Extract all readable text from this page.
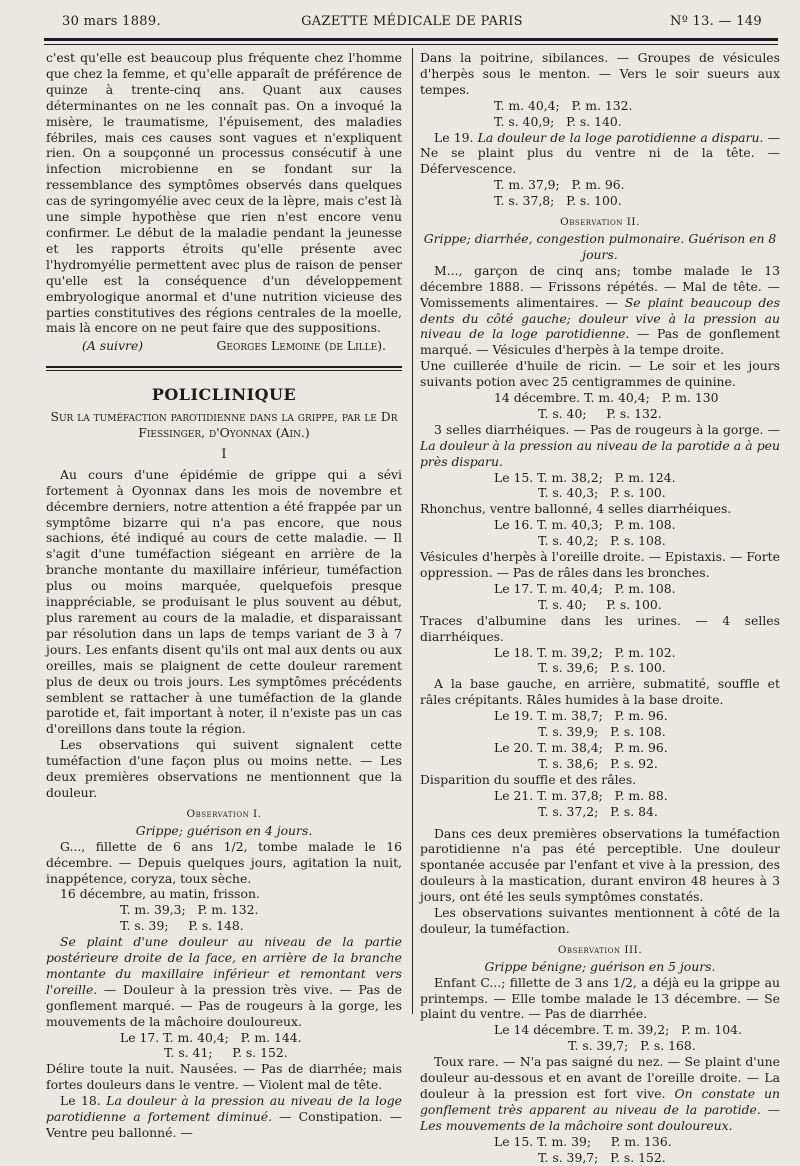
30 mars 1889.	GAZETTE MÉDICALE DE PARIS	Nº 13. — 149

c'est qu'elle est beaucoup plus fréquente chez l'homme que chez la femme, et qu'elle apparaît de préférence de quinze à trente-cinq ans. Quant aux causes déterminantes on ne les connaît pas. On a invoqué la misère, le traumatisme, l'épuisement, des maladies fébriles, mais ces causes sont vagues et n'expliquent rien. On a soupçonné un processus consécutif à une infection microbienne en se fondant sur la ressemblance des symptômes observés dans quelques cas de syringomyélie avec ceux de la lèpre, mais c'est là une simple hypothèse que rien n'est encore venu confirmer. Le début de la maladie pendant la jeunesse et les rapports étroits qu'elle présente avec l'hydromyélie permettent avec plus de raison de penser qu'elle est la conséquence d'un développement embryologique anormal et d'une nutrition vicieuse des parties constitutives des régions centrales de la moelle, mais là encore on ne peut faire que des suppositions.

(A suivre)	Georges Lemoine (de Lille).
POLICLINIQUE

Sur la tuméfaction parotidienne dans la grippe, par le Dr Fiessinger, d'Oyonnax (Ain.)

I

Au cours d'une épidémie de grippe qui a sévi fortement à Oyonnax dans les mois de novembre et décembre derniers, notre attention a été frappée par un symptôme bizarre qui n'a pas encore, que nous sachions, été indiqué au cours de cette maladie. — Il s'agit d'une tuméfaction siégeant en arrière de la branche montante du maxillaire inférieur, tuméfaction plus ou moins marquée, quelquefois presque inappréciable, se produisant le plus souvent au début, plus rarement au cours de la maladie, et disparaissant par résolution dans un laps de temps variant de 3 à 7 jours. Les enfants disent qu'ils ont mal aux dents ou aux oreilles, mais se plaignent de cette douleur rarement plus de deux ou trois jours. Les symptômes précédents semblent se rattacher à une tuméfaction de la glande parotide et, fait important à noter, il n'existe pas un cas d'oreillons dans toute la région.

Les observations qui suivent signalent cette tuméfaction d'une façon plus ou moins nette. — Les deux premières observations ne mentionnent que la douleur.

Observation I.

Grippe; guérison en 4 jours.

G..., fillette de 6 ans 1/2, tombe malade le 16 décembre. — Depuis quelques jours, agitation la nuit, inappétence, coryza, toux sèche.

16 décembre, au matin, frisson.

T. m. 39,3;   P. m. 132.
T. s. 39;     P. s. 148.

Se plaint d'une douleur au niveau de la partie postérieure droite de la face, en arrière de la branche montante du maxillaire inférieur et remontant vers l'oreille. — Douleur à la pression très vive. — Pas de gonflement marqué. — Pas de rougeurs à la gorge, les mouvements de la mâchoire douloureux.

Le 17. T. m. 40,4;   P. m. 144.
T. s. 41;     P. s. 152.

Délire toute la nuit. Nausées. — Pas de diarrhée; mais fortes douleurs dans le ventre. — Violent mal de tête.

Le 18. La douleur à la pression au niveau de la loge parotidienne a fortement diminué. — Constipation. — Ventre peu ballonné. —

Dans la poitrine, sibilances. — Groupes de vésicules d'herpès sous le menton. — Vers le soir sueurs aux tempes.

T. m. 40,4;   P. m. 132.
T. s. 40,9;   P. s. 140.

Le 19. La douleur de la loge parotidienne a disparu. — Ne se plaint plus du ventre ni de la tête. — Défervescence.

T. m. 37,9;   P. m. 96.
T. s. 37,8;   P. s. 100.
Observation II.

Grippe; diarrhée, congestion pulmonaire. Guérison en 8 jours.

M..., garçon de cinq ans; tombe malade le 13 décembre 1888. — Frissons répétés. — Mal de tête. — Vomissements alimentaires. — Se plaint beaucoup des dents du côté gauche; douleur vive à la pression au niveau de la loge parotidienne. — Pas de gonflement marqué. — Vésicules d'herpès à la tempe droite.

Une cuillerée d'huile de ricin. — Le soir et les jours suivants potion avec 25 centigrammes de quinine.

14 décembre. T. m. 40,4;   P. m. 130
T. s. 40;     P. s. 132.

3 selles diarrhéiques. — Pas de rougeurs à la gorge. — La douleur à la pression au niveau de la parotide a à peu près disparu.

Le 15. T. m. 38,2;   P. m. 124.
T. s. 40,3;   P. s. 100.

Rhonchus, ventre ballonné, 4 selles diarrhéiques.

Le 16. T. m. 40,3;   P. m. 108.
T. s. 40,2;   P. s. 108.

Vésicules d'herpès à l'oreille droite. — Epistaxis. — Forte oppression. — Pas de râles dans les bronches.

Le 17. T. m. 40,4;   P. m. 108.
T. s. 40;     P. s. 100.

Traces d'albumine dans les urines. — 4 selles diarrhéiques.

Le 18. T. m. 39,2;   P. m. 102.
T. s. 39,6;   P. s. 100.

A la base gauche, en arrière, submatité, souffle et râles crépitants. Râles humides à la base droite.

Le 19. T. m. 38,7;   P. m. 96.
T. s. 39,9;   P. s. 108.
Le 20. T. m. 38,4;   P. m. 96.
T. s. 38,6;   P. s. 92.

Disparition du souffle et des râles.

Le 21. T. m. 37,8;   P. m. 88.
T. s. 37,2;   P. s. 84.

Dans ces deux premières observations la tuméfaction parotidienne n'a pas été perceptible. Une douleur spontanée accusée par l'enfant et vive à la pression, des douleurs à la mastication, durant environ 48 heures à 3 jours, ont été les seuls symptômes constatés.

Les observations suivantes mentionnent à côté de la douleur, la tuméfaction.

Observation III.

Grippe bénigne; guérison en 5 jours.

Enfant C...; fillette de 3 ans 1/2, a déjà eu la grippe au printemps. — Elle tombe malade le 13 décembre. — Se plaint du ventre. — Pas de diarrhée.

Le 14 décembre. T. m. 39,2;   P. m. 104.
T. s. 39,7;   P. s. 168.

Toux rare. — N'a pas saigné du nez. — Se plaint d'une douleur au-dessous et en avant de l'oreille droite. — La douleur à la pression est fort vive. On constate un gonflement très apparent au niveau de la parotide. — Les mouvements de la mâchoire sont douloureux.

Le 15. T. m. 39;     P. m. 136.
T. s. 39,7;   P. s. 152.
